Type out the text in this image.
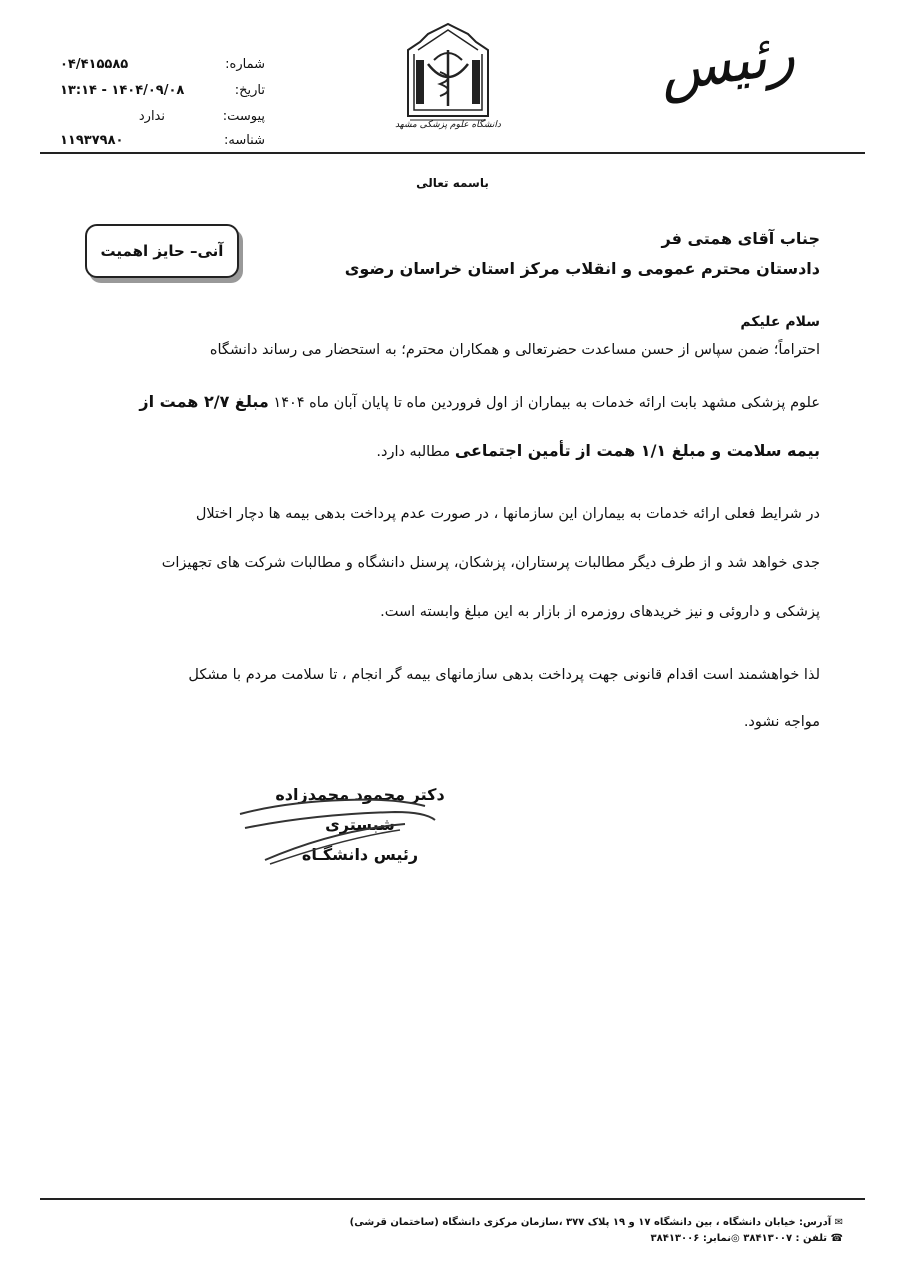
شماره:
۰۴/۴۱۵۵۸۵
تاریخ:
۱۴۰۴/۰۹/۰۸ - ۱۳:۱۴
پیوست:
ندارد
شناسه:
۱۱۹۳۷۹۸۰
دانشگاه علوم پزشکی مشهد
رئیس
باسمه تعالی
جناب آقای همتی فر
دادستان محترم عمومی و انقلاب مرکز استان خراسان رضوی
آنی– حایز اهمیت
سلام علیکم
احتراماً؛ ضمن سپاس از حسن مساعدت حضرتعالی و همکاران محترم؛ به استحضار می رساند دانشگاه
علوم پزشکی مشهد بابت ارائه خدمات به بیماران از اول فروردین ماه تا پایان آبان ماه ۱۴۰۴ مبلغ ۲/۷ همت از
بیمه سلامت و مبلغ ۱/۱ همت از تأمین اجتماعی مطالبه دارد.
در شرایط فعلی ارائه خدمات به بیماران این سازمانها ، در صورت عدم پرداخت بدهی بیمه ها دچار اختلال
جدی خواهد شد و از طرف دیگر مطالبات پرستاران، پزشکان، پرسنل دانشگاه و مطالبات شرکت های تجهیزات
پزشکی و داروئی و نیز خریدهای روزمره از بازار به این مبلغ وابسته است.
لذا خواهشمند است اقدام قانونی جهت پرداخت بدهی سازمانهای بیمه گر انجام ، تا سلامت مردم با مشکل
مواجه نشود.
دکتر محمود محمدزاده شبستری
رئیس دانشگـاه
✉ آدرس: خیابان دانشگاه ، بین دانشگاه ۱۷ و ۱۹ پلاک ۳۷۷ ،سازمان مرکزی دانشگاه (ساختمان قرشی)
☎ تلفن : ۳۸۴۱۳۰۰۷ ◎نمابر: ۳۸۴۱۳۰۰۶
